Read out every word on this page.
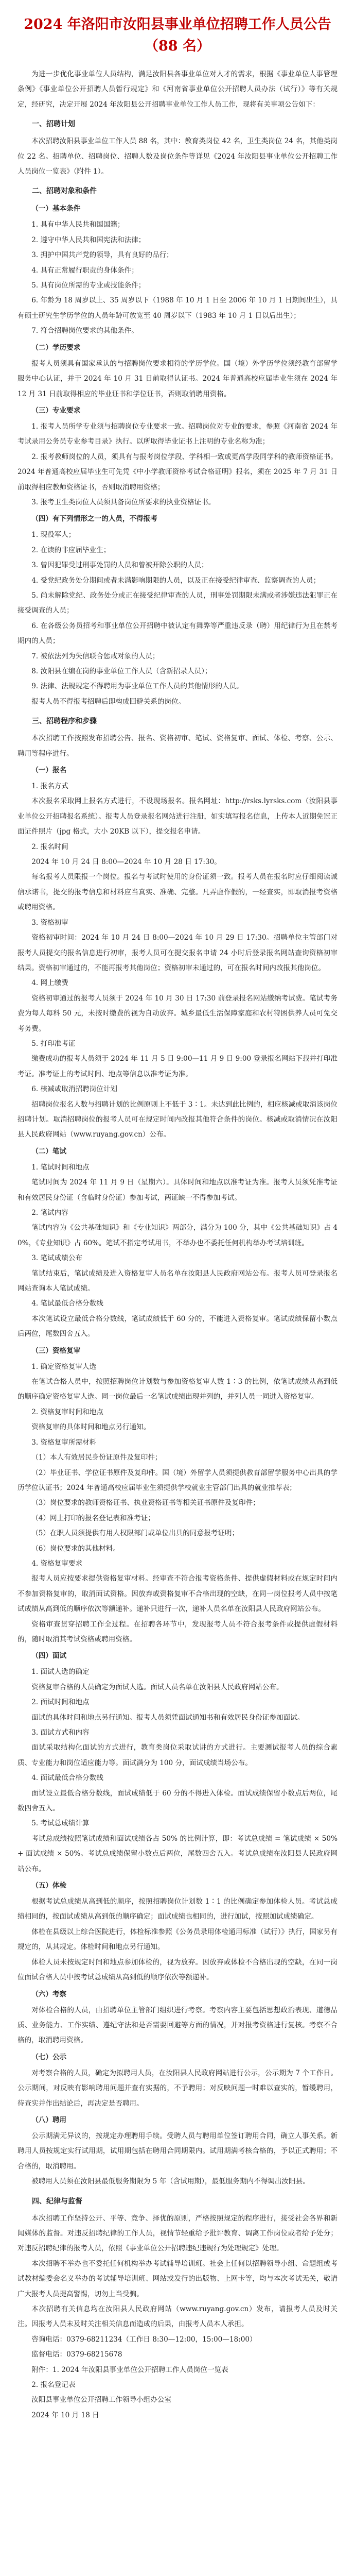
2024 年洛阳市汝阳县事业单位招聘工作人员公告
（88 名）
为进一步优化事业单位人员结构，满足汝阳县各事业单位对人才的需求，根据《事业单位人事管理条例》《事业单位公开招聘人员暂行规定》和《河南省事业单位公开招聘人员办法（试行）》等有关规定，经研究，决定开展 2024 年汝阳县公开招聘事业单位工作人员工作，现将有关事项公告如下：
一、招聘计划
本次招聘汝阳县事业单位工作人员 88 名，其中：教育类岗位 42 名，卫生类岗位 24 名，其他类岗位 22 名。招聘单位、招聘岗位、招聘人数及岗位条件等详见《2024 年汝阳县事业单位公开招聘工作人员岗位一览表》（附件 1）。
二、招聘对象和条件
（一）基本条件
1. 具有中华人民共和国国籍；
2. 遵守中华人民共和国宪法和法律；
3. 拥护中国共产党的领导，具有良好的品行；
4. 具有正常履行职责的身体条件；
5. 具有岗位所需的专业或技能条件；
6. 年龄为 18 周岁以上、35 周岁以下（1988 年 10 月 1 日至 2006 年 10 月 1 日期间出生），具有硕士研究生学历学位的人员年龄可放宽至 40 周岁以下（1983 年 10 月 1 日以后出生）；
7. 符合招聘岗位要求的其他条件。
（二）学历要求
报考人员须具有国家承认的与招聘岗位要求相符的学历学位。国（境）外学历学位须经教育部留学服务中心认证，并于 2024 年 10 月 31 日前取得认证书。2024 年普通高校应届毕业生须在 2024 年 12 月 31 日前取得相应的毕业证书和学位证书，否则取消聘用资格。
（三）专业要求
1. 报考人员所学专业须与招聘岗位专业要求一致。招聘岗位对专业的要求，参照《河南省 2024 年考试录用公务员专业参考目录》执行。以所取得毕业证书上注明的专业名称为准；
2. 报考教师岗位的人员，须具有与报考岗位学段、学科相一致或更高学段同学科的教师资格证书。2024 年普通高校应届毕业生可先凭《中小学教师资格考试合格证明》报名，须在 2025 年 7 月 31 日前取得相应教师资格证书，否则取消聘用资格；
3. 报考卫生类岗位人员须具备岗位所要求的执业资格证书。
（四）有下列情形之一的人员，不得报考
1. 现役军人；
2. 在读的非应届毕业生；
3. 曾因犯罪受过刑事处罚的人员和曾被开除公职的人员；
4. 受党纪政务处分期间或者未满影响期限的人员，以及正在接受纪律审查、监察调查的人员；
5. 尚未解除党纪、政务处分或正在接受纪律审查的人员，刑事处罚期限未满或者涉嫌违法犯罪正在接受调查的人员；
6. 在各级公务员招考和事业单位公开招聘中被认定有舞弊等严重违反录（聘）用纪律行为且在禁考期内的人员；
7. 被依法列为失信联合惩戒对象的人员；
8. 汝阳县在编在岗的事业单位工作人员（含新招录人员）；
9. 法律、法规规定不得聘用为事业单位工作人员的其他情形的人员。
报考人员不得报考招聘后即构成回避关系的岗位。
三、招聘程序和步骤
本次招聘工作按照发布招聘公告、报名、资格初审、笔试、资格复审、面试、体检、考察、公示、聘用等程序进行。
（一）报名
1. 报名方式
本次报名采取网上报名方式进行，不设现场报名。报名网址：http://rsks.lyrsks.com（汝阳县事业单位公开招聘报名系统）。报考人员登录报名网站进行注册，如实填写报名信息，上传本人近期免冠正面证件照片（jpg 格式，大小 20KB 以下），提交报名申请。
2. 报名时间
2024 年 10 月 24 日 8:00—2024 年 10 月 28 日 17:30。
每名报考人员限报一个岗位。报名与考试时使用的身份证须一致。报考人员在报名时应仔细阅读诚信承诺书，提交的报考信息和材料应当真实、准确、完整。凡弄虚作假的，一经查实，即取消报考资格或聘用资格。
3. 资格初审
资格初审时间：2024 年 10 月 24 日 8:00—2024 年 10 月 29 日 17:30。招聘单位主管部门对报考人员提交的报名信息进行初审，报考人员可在提交报名申请 24 小时后登录报名网站查询资格初审结果。资格初审通过的，不能再报考其他岗位；资格初审未通过的，可在报名时间内改报其他岗位。
4. 网上缴费
资格初审通过的报考人员须于 2024 年 10 月 30 日 17:30 前登录报名网站缴纳考试费。笔试考务费为每人每科 50 元，未按时缴费的视为自动放弃。城乡最低生活保障家庭和农村特困供养人员可免交考务费。
5. 打印准考证
缴费成功的报考人员须于 2024 年 11 月 5 日 9:00—11 月 9 日 9:00 登录报名网站下载并打印准考证。准考证上的考试时间、地点等信息以准考证为准。
6. 核减或取消招聘岗位计划
招聘岗位报名人数与招聘计划的比例原则上不低于 3∶1。未达到此比例的，相应核减或取消该岗位招聘计划。取消招聘岗位的报考人员可在规定时间内改报其他符合条件的岗位。核减或取消情况在汝阳县人民政府网站（www.ruyang.gov.cn）公布。
（二）笔试
1. 笔试时间和地点
笔试时间为 2024 年 11 月 9 日（星期六）。具体时间和地点以准考证为准。报考人员须凭准考证和有效居民身份证（含临时身份证）参加考试，两证缺一不得参加考试。
2. 笔试内容
笔试内容为《公共基础知识》和《专业知识》两部分，满分为 100 分，其中《公共基础知识》占 40%，《专业知识》占 60%。笔试不指定考试用书，不举办也不委托任何机构举办考试培训班。
3. 笔试成绩公布
笔试结束后，笔试成绩及进入资格复审人员名单在汝阳县人民政府网站公布。报考人员可登录报名网站查询本人笔试成绩。
4. 笔试最低合格分数线
本次笔试设立最低合格分数线，笔试成绩低于 60 分的，不能进入资格复审。笔试成绩保留小数点后两位，尾数四舍五入。
（三）资格复审
1. 确定资格复审人选
在笔试合格人员中，按照招聘岗位计划数与参加资格复审人数 1∶3 的比例，依笔试成绩从高到低的顺序确定资格复审人选。同一岗位最后一名笔试成绩出现并列的，并列人员一同进入资格复审。
2. 资格复审时间和地点
资格复审的具体时间和地点另行通知。
3. 资格复审所需材料
（1）本人有效居民身份证原件及复印件；
（2）毕业证书、学位证书原件及复印件。国（境）外留学人员须提供教育部留学服务中心出具的学历学位认证书；2024 年普通高校应届毕业生须提供学校就业主管部门出具的就业推荐表；
（3）岗位要求的教师资格证书、执业资格证书等相关证书原件及复印件；
（4）网上打印的报名登记表和准考证；
（5）在职人员须提供有用人权限部门或单位出具的同意报考证明；
（6）岗位要求的其他材料。
4. 资格复审要求
报考人员应按要求提供资格复审材料。经审查不符合报考资格条件、提供虚假材料或在规定时间内不参加资格复审的，取消面试资格。因放弃或资格复审不合格出现的空缺，在同一岗位报考人员中按笔试成绩从高到低的顺序依次等额递补。递补只进行一次，递补人员名单在汝阳县人民政府网站公布。
资格审查贯穿招聘工作全过程。在招聘各环节中，发现报考人员不符合报考条件或提供虚假材料的，随时取消其考试资格或聘用资格。
（四）面试
1. 面试人选的确定
资格复审合格的人员确定为面试人选。面试人员名单在汝阳县人民政府网站公布。
2. 面试时间和地点
面试的具体时间和地点另行通知。报考人员须凭面试通知书和有效居民身份证参加面试。
3. 面试方式和内容
面试采取结构化面试的方式进行，教育类岗位采取试讲的方式进行。主要测试报考人员的综合素质、专业能力和岗位适应能力等。面试满分为 100 分，面试成绩当场公布。
4. 面试最低合格分数线
面试设立最低合格分数线，面试成绩低于 60 分的不得进入体检。面试成绩保留小数点后两位，尾数四舍五入。
5. 考试总成绩计算
考试总成绩按照笔试成绩和面试成绩各占 50% 的比例计算，即：考试总成绩 = 笔试成绩 × 50% + 面试成绩 × 50%。考试总成绩保留小数点后两位，尾数四舍五入。考试总成绩在汝阳县人民政府网站公布。
（五）体检
根据考试总成绩从高到低的顺序，按照招聘岗位计划数 1∶1 的比例确定参加体检人员。考试总成绩相同的，按面试成绩从高到低的顺序确定；面试成绩也相同的，进行加试，按照加试成绩确定。
体检在县级以上综合医院进行，体检标准参照《公务员录用体检通用标准（试行）》执行，国家另有规定的，从其规定。体检时间和地点另行通知。
体检人员未按规定时间和地点参加体检的，视为放弃。因放弃或体检不合格出现的空缺，在同一岗位面试合格人员中按考试总成绩从高到低的顺序依次等额递补。
（六）考察
对体检合格的人员，由招聘单位主管部门组织进行考察。考察内容主要包括思想政治表现、道德品质、业务能力、工作实绩、遵纪守法和是否需要回避等方面的情况，并对报考资格进行复核。考察不合格的，取消聘用资格。
（七）公示
对考察合格的人员，确定为拟聘用人员，在汝阳县人民政府网站进行公示，公示期为 7 个工作日。公示期间，对反映有影响聘用问题并查有实据的，不予聘用；对反映问题一时难以查实的，暂缓聘用，待查实并作出结论后，再决定是否聘用。
（八）聘用
公示期满无异议的，按规定办理聘用手续。受聘人员与聘用单位签订聘用合同，确立人事关系。新聘用人员按规定实行试用期，试用期包括在聘用合同期限内。试用期满考核合格的，予以正式聘用；不合格的，取消聘用。
被聘用人员须在汝阳县最低服务期限为 5 年（含试用期），最低服务期内不得调出汝阳县。
四、纪律与监督
本次招聘工作坚持公开、平等、竞争、择优的原则，严格按照规定的程序进行，接受社会各界和新闻媒体的监督。对违反招聘纪律的工作人员，视情节轻重给予批评教育、调离工作岗位或者给予处分；对违反招聘纪律的报考人员，依照《事业单位公开招聘违纪违规行为处理规定》处理。
本次招聘不举办也不委托任何机构举办考试辅导培训班。社会上任何以招聘领导小组、命题组或考试教材编委会名义举办的考试辅导培训班、网站或发行的出版物、上网卡等，均与本次考试无关，敬请广大报考人员提高警惕，切勿上当受骗。
本次招聘有关信息均在汝阳县人民政府网站（www.ruyang.gov.cn）发布，请报考人员及时关注。因报考人员未及时关注相关信息而造成的后果，由报考人员本人承担。
咨询电话：0379-68211234（工作日 8:30—12:00，15:00—18:00）
监督电话：0379-68215678
附件：1. 2024 年汝阳县事业单位公开招聘工作人员岗位一览表
2. 报名登记表
汝阳县事业单位公开招聘工作领导小组办公室
2024 年 10 月 18 日
